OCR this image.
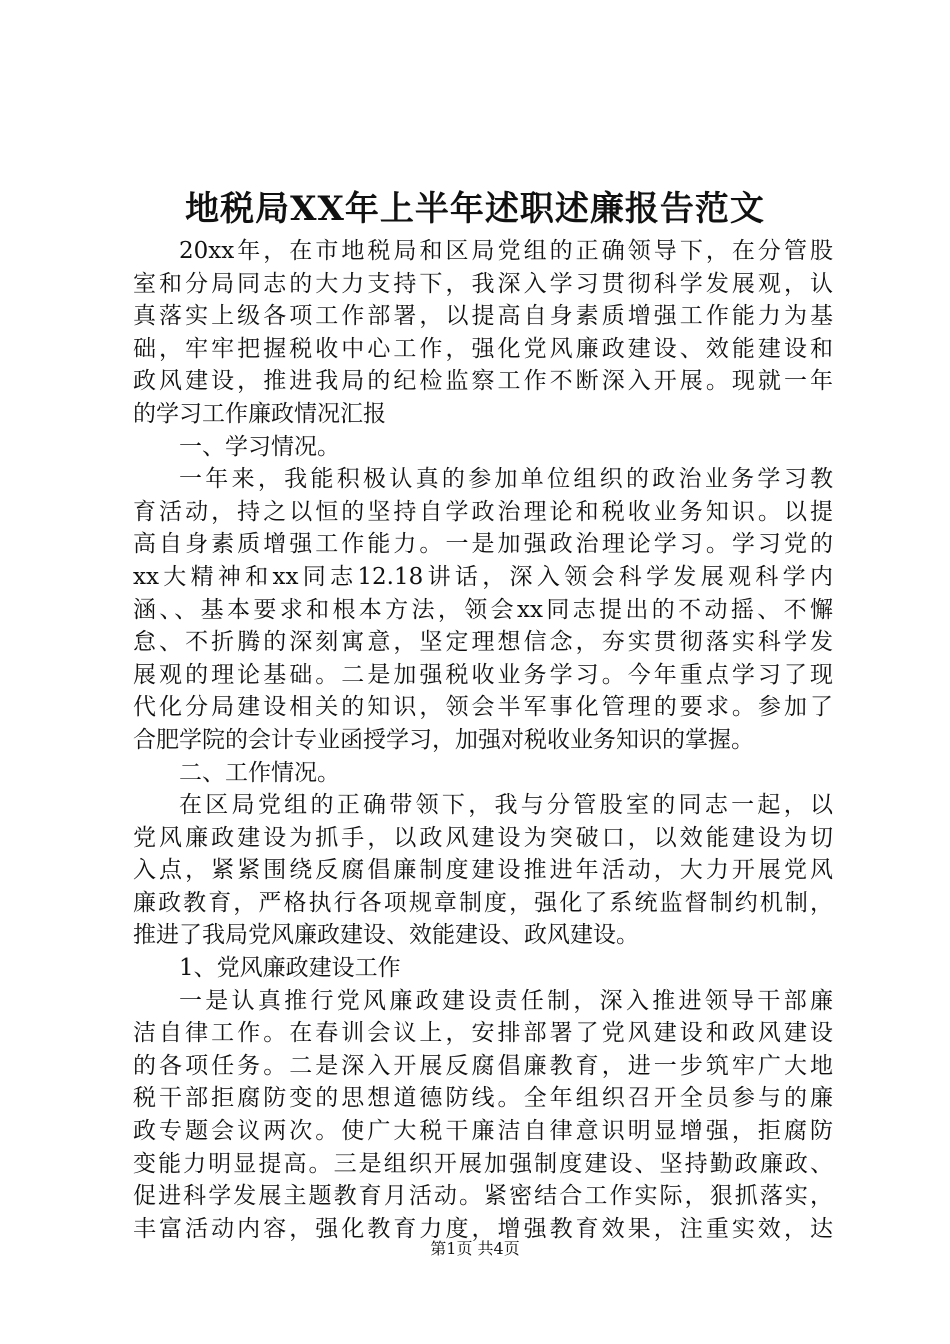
地税局XX年上半年述职述廉报告范文
20xx年，在市地税局和区局党组的正确领导下，在分管股
室和分局同志的大力支持下，我深入学习贯彻科学发展观，认
真落实上级各项工作部署，以提高自身素质增强工作能力为基
础，牢牢把握税收中心工作，强化党风廉政建设、效能建设和
政风建设，推进我局的纪检监察工作不断深入开展。现就一年
的学习工作廉政情况汇报
一、学习情况。
一年来，我能积极认真的参加单位组织的政治业务学习教
育活动，持之以恒的坚持自学政治理论和税收业务知识。以提
高自身素质增强工作能力。一是加强政治理论学习。学习党的
xx大精神和xx同志12.18讲话，深入领会科学发展观科学内
涵、、基本要求和根本方法，领会xx同志提出的不动摇、不懈
怠、不折腾的深刻寓意，坚定理想信念，夯实贯彻落实科学发
展观的理论基础。二是加强税收业务学习。今年重点学习了现
代化分局建设相关的知识，领会半军事化管理的要求。参加了
合肥学院的会计专业函授学习，加强对税收业务知识的掌握。
二、工作情况。
在区局党组的正确带领下，我与分管股室的同志一起，以
党风廉政建设为抓手，以政风建设为突破口，以效能建设为切
入点，紧紧围绕反腐倡廉制度建设推进年活动，大力开展党风
廉政教育，严格执行各项规章制度，强化了系统监督制约机制，
推进了我局党风廉政建设、效能建设、政风建设。
1、党风廉政建设工作
一是认真推行党风廉政建设责任制，深入推进领导干部廉
洁自律工作。在春训会议上，安排部署了党风建设和政风建设
的各项任务。二是深入开展反腐倡廉教育，进一步筑牢广大地
税干部拒腐防变的思想道德防线。全年组织召开全员参与的廉
政专题会议两次。使广大税干廉洁自律意识明显增强，拒腐防
变能力明显提高。三是组织开展加强制度建设、坚持勤政廉政、
促进科学发展主题教育月活动。紧密结合工作实际，狠抓落实，
丰富活动内容，强化教育力度，增强教育效果，注重实效，达
第1页 共4页
